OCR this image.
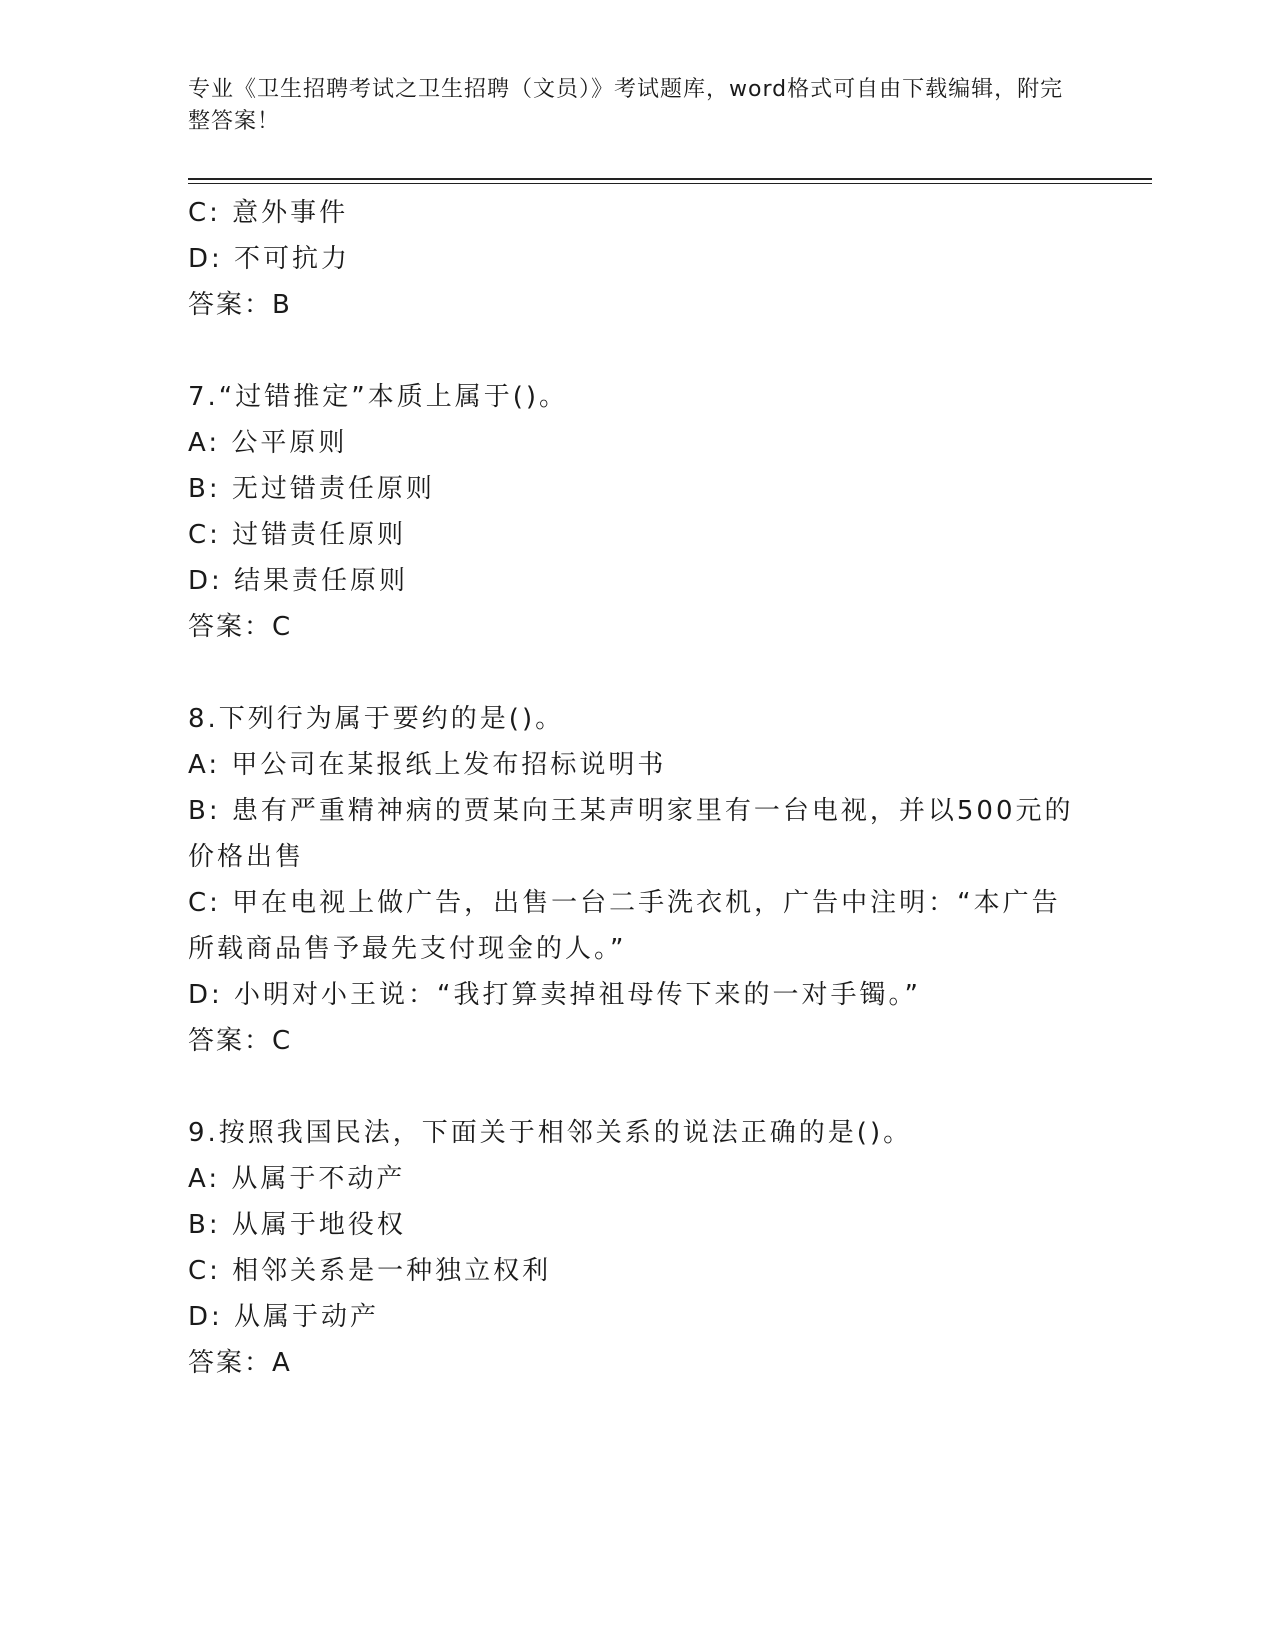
专业《卫生招聘考试之卫生招聘（文员）》考试题库，word格式可自由下载编辑，附完整答案！
C: 意外事件
D: 不可抗力
答案：B
7.“过错推定”本质上属于()。
A: 公平原则
B: 无过错责任原则
C: 过错责任原则
D: 结果责任原则
答案：C
8.下列行为属于要约的是()。
A: 甲公司在某报纸上发布招标说明书
B: 患有严重精神病的贾某向王某声明家里有一台电视，并以500元的价格出售
C: 甲在电视上做广告，出售一台二手洗衣机，广告中注明：“本广告所载商品售予最先支付现金的人。”
D: 小明对小王说：“我打算卖掉祖母传下来的一对手镯。”
答案：C
9.按照我国民法，下面关于相邻关系的说法正确的是()。
A: 从属于不动产
B: 从属于地役权
C: 相邻关系是一种独立权利
D: 从属于动产
答案：A
